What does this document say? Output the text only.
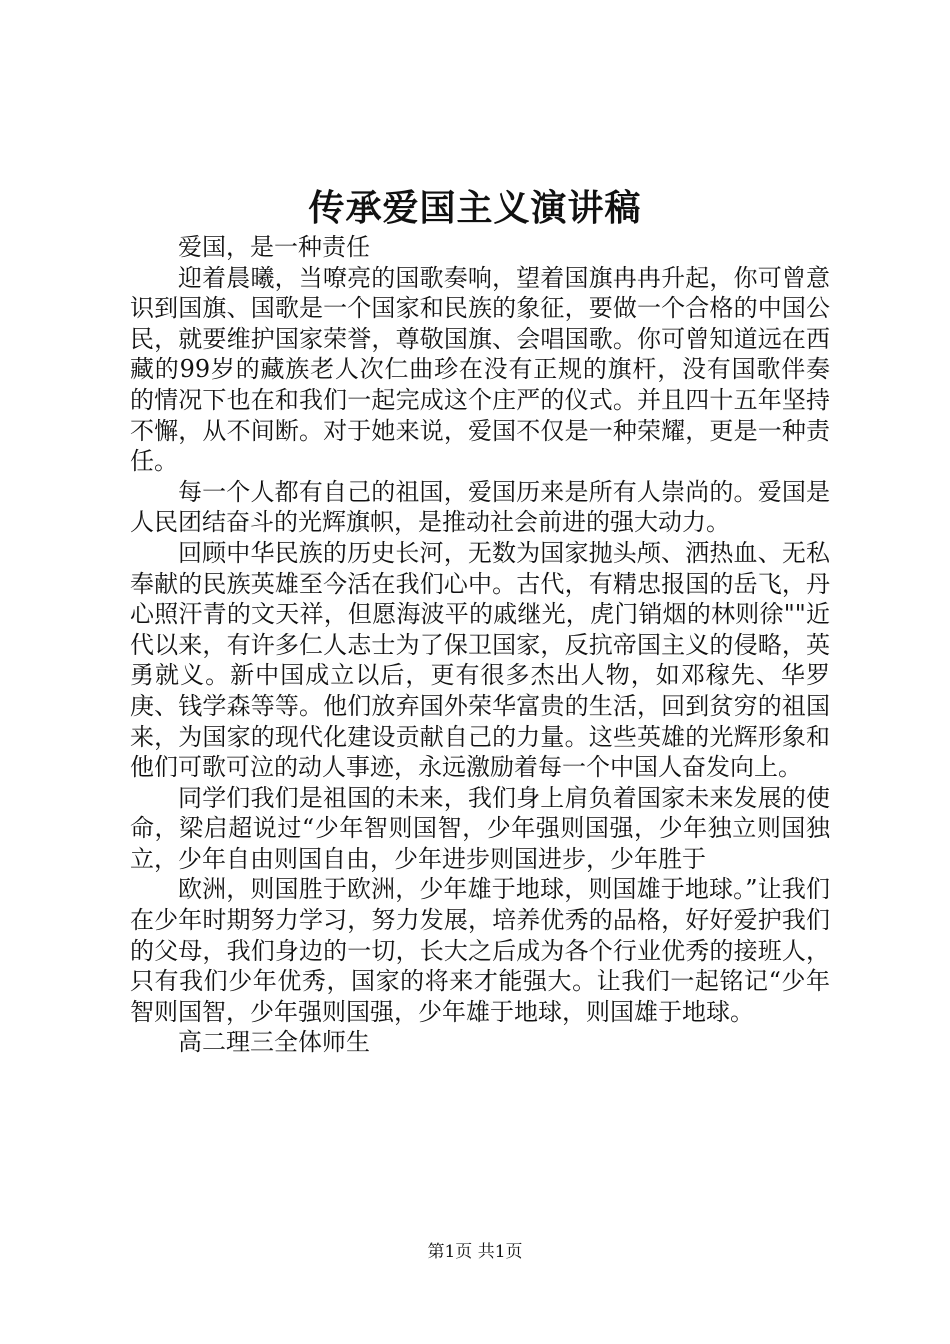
传承爱国主义演讲稿

爱国，是一种责任

迎着晨曦，当嘹亮的国歌奏响，望着国旗冉冉升起，你可曾意识到国旗、国歌是一个国家和民族的象征，要做一个合格的中国公民，就要维护国家荣誉，尊敬国旗、会唱国歌。你可曾知道远在西藏的99岁的藏族老人次仁曲珍在没有正规的旗杆，没有国歌伴奏的情况下也在和我们一起完成这个庄严的仪式。并且四十五年坚持不懈，从不间断。对于她来说，爱国不仅是一种荣耀，更是一种责任。

每一个人都有自己的祖国，爱国历来是所有人崇尚的。爱国是人民团结奋斗的光辉旗帜，是推动社会前进的强大动力。

回顾中华民族的历史长河，无数为国家抛头颅、洒热血、无私奉献的民族英雄至今活在我们心中。古代，有精忠报国的岳飞，丹心照汗青的文天祥，但愿海波平的戚继光，虎门销烟的林则徐""近代以来，有许多仁人志士为了保卫国家，反抗帝国主义的侵略，英勇就义。新中国成立以后，更有很多杰出人物，如邓稼先、华罗庚、钱学森等等。他们放弃国外荣华富贵的生活，回到贫穷的祖国来，为国家的现代化建设贡献自己的力量。这些英雄的光辉形象和他们可歌可泣的动人事迹，永远激励着每一个中国人奋发向上。

同学们我们是祖国的未来，我们身上肩负着国家未来发展的使命，梁启超说过“少年智则国智，少年强则国强，少年独立则国独立，少年自由则国自由，少年进步则国进步，少年胜于

欧洲，则国胜于欧洲，少年雄于地球，则国雄于地球。”让我们在少年时期努力学习，努力发展，培养优秀的品格，好好爱护我们的父母，我们身边的一切，长大之后成为各个行业优秀的接班人，只有我们少年优秀，国家的将来才能强大。让我们一起铭记“少年智则国智，少年强则国强，少年雄于地球，则国雄于地球。

高二理三全体师生

第1页 共1页
